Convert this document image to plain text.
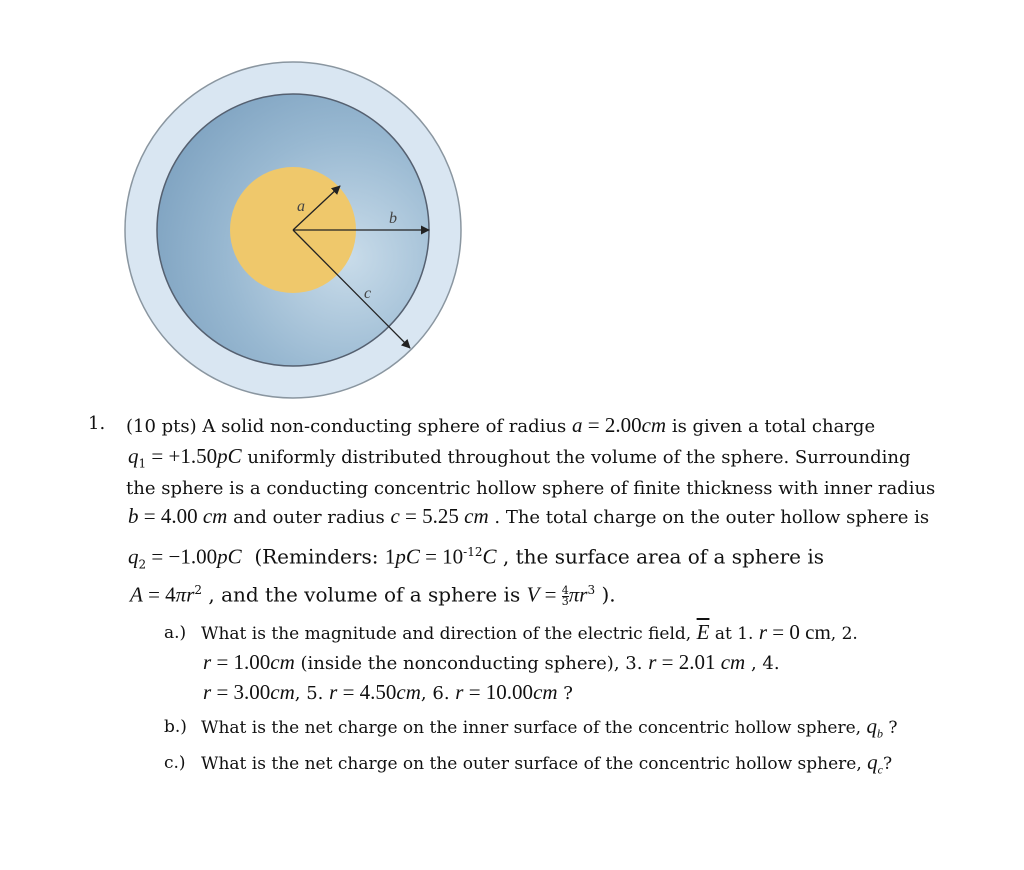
a
b
c
1. (10 pts) A solid non-conducting sphere of radius a = 2.00cm is given a total charge
$q_1 = +1.50pC$ uniformly distributed throughout the volume of the sphere. Surrounding
the sphere is a conducting concentric hollow sphere of finite thickness with inner radius
b = 4.00 cm and outer radius c = 5.25 cm . The total charge on the outer hollow sphere is
$q_2 = -1.00pC$ (Reminders: $1pC = 10^{-12}C$ , the surface area of a sphere is
$A = 4\pi r^2$ , and the volume of a sphere is $V = \frac{4}{3} \pi r^3$ ).
a.) What is the magnitude and direction of the electric field, $\overline{E}$ at 1. r = 0 cm, 2.
r = 1.00cm (inside the nonconducting sphere), 3. r = 2.01 cm , 4.
r = 3.00cm, 5. r = 4.50cm, 6. r = 10.00cm ?
b.) What is the net charge on the inner surface of the concentric hollow sphere, $q_b$ ?
c.) What is the net charge on the outer surface of the concentric hollow sphere, $q_c$?
